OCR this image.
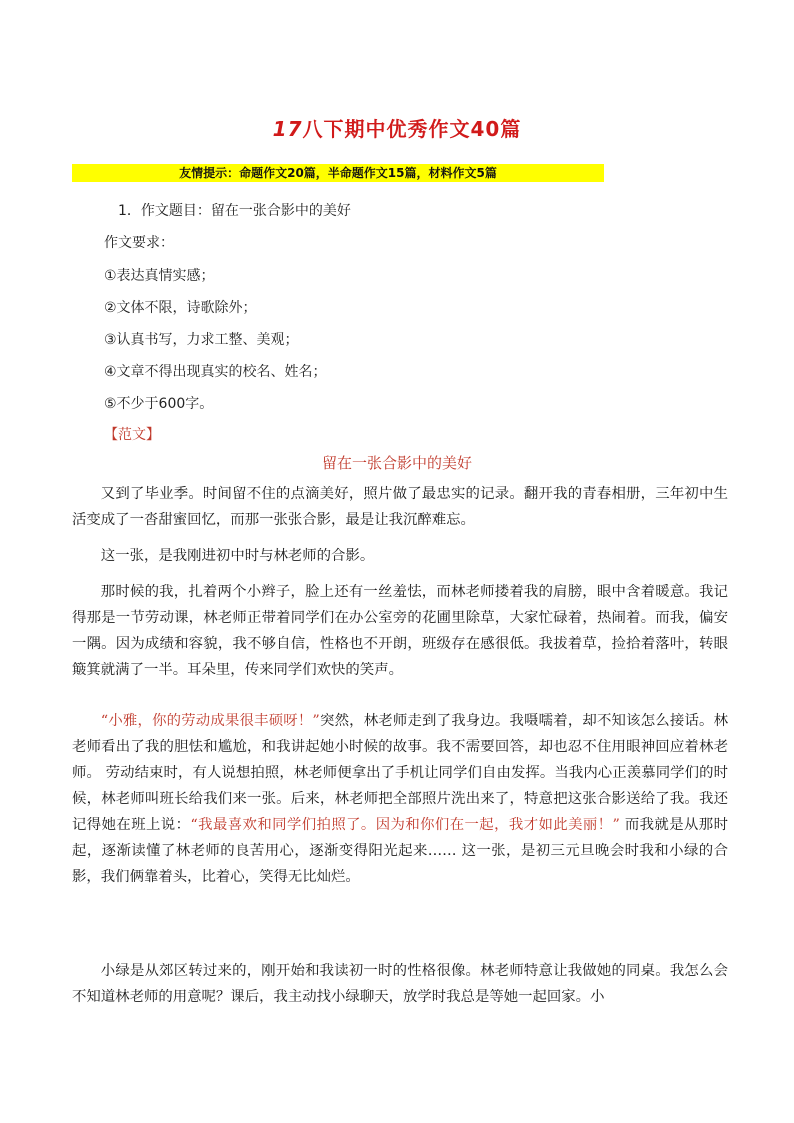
17八下期中优秀作文40篇
友情提示：命题作文20篇，半命题作文15篇，材料作文5篇
1．作文题目：留在一张合影中的美好
作文要求：
①表达真情实感；
②文体不限，诗歌除外；
③认真书写，力求工整、美观；
④文章不得出现真实的校名、姓名；
⑤不少于600字。
【范文】
留在一张合影中的美好

又到了毕业季。时间留不住的点滴美好，照片做了最忠实的记录。翻开我的青春相册，三年初中生活变成了一沓甜蜜回忆，而那一张张合影，最是让我沉醉难忘。

这一张，是我刚进初中时与林老师的合影。

那时候的我，扎着两个小辫子，脸上还有一丝羞怯，而林老师搂着我的肩膀，眼中含着暖意。我记得那是一节劳动课，林老师正带着同学们在办公室旁的花圃里除草，大家忙碌着，热闹着。而我，偏安一隅。因为成绩和容貌，我不够自信，性格也不开朗，班级存在感很低。我拔着草，捡拾着落叶，转眼簸箕就满了一半。耳朵里，传来同学们欢快的笑声。

“小雅，你的劳动成果很丰硕呀！”突然，林老师走到了我身边。我嗫嚅着，却不知该怎么接话。林老师看出了我的胆怯和尴尬，和我讲起她小时候的故事。我不需要回答，却也忍不住用眼神回应着林老师。 劳动结束时，有人说想拍照，林老师便拿出了手机让同学们自由发挥。当我内心正羡慕同学们的时候，林老师叫班长给我们来一张。后来，林老师把全部照片洗出来了，特意把这张合影送给了我。我还记得她在班上说：“我最喜欢和同学们拍照了。因为和你们在一起，我才如此美丽！” 而我就是从那时起，逐渐读懂了林老师的良苦用心，逐渐变得阳光起来…… 这一张，是初三元旦晚会时我和小绿的合影，我们俩靠着头，比着心，笑得无比灿烂。

小绿是从郊区转过来的，刚开始和我读初一时的性格很像。林老师特意让我做她的同桌。我怎么会不知道林老师的用意呢？课后，我主动找小绿聊天，放学时我总是等她一起回家。小
